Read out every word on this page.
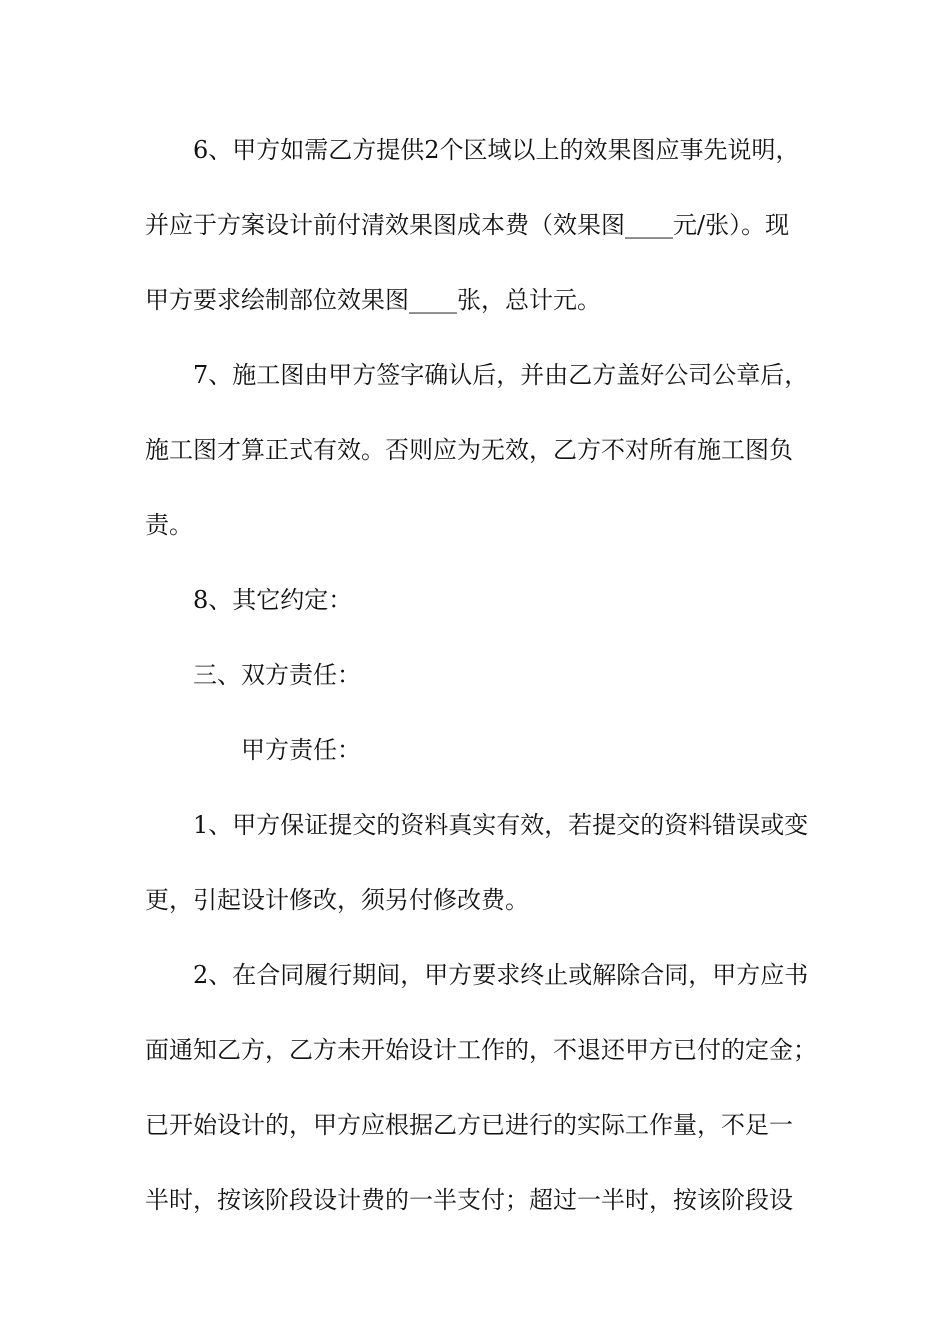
6、甲方如需乙方提供2个区域以上的效果图应事先说明，
并应于方案设计前付清效果图成本费（效果图____元/张）。现
甲方要求绘制部位效果图____张，总计元。
7、施工图由甲方签字确认后，并由乙方盖好公司公章后，
施工图才算正式有效。否则应为无效，乙方不对所有施工图负
责。
8、其它约定：
三、双方责任：
甲方责任：
1、甲方保证提交的资料真实有效，若提交的资料错误或变
更，引起设计修改，须另付修改费。
2、在合同履行期间，甲方要求终止或解除合同，甲方应书
面通知乙方，乙方未开始设计工作的，不退还甲方已付的定金；
已开始设计的，甲方应根据乙方已进行的实际工作量，不足一
半时，按该阶段设计费的一半支付；超过一半时，按该阶段设
